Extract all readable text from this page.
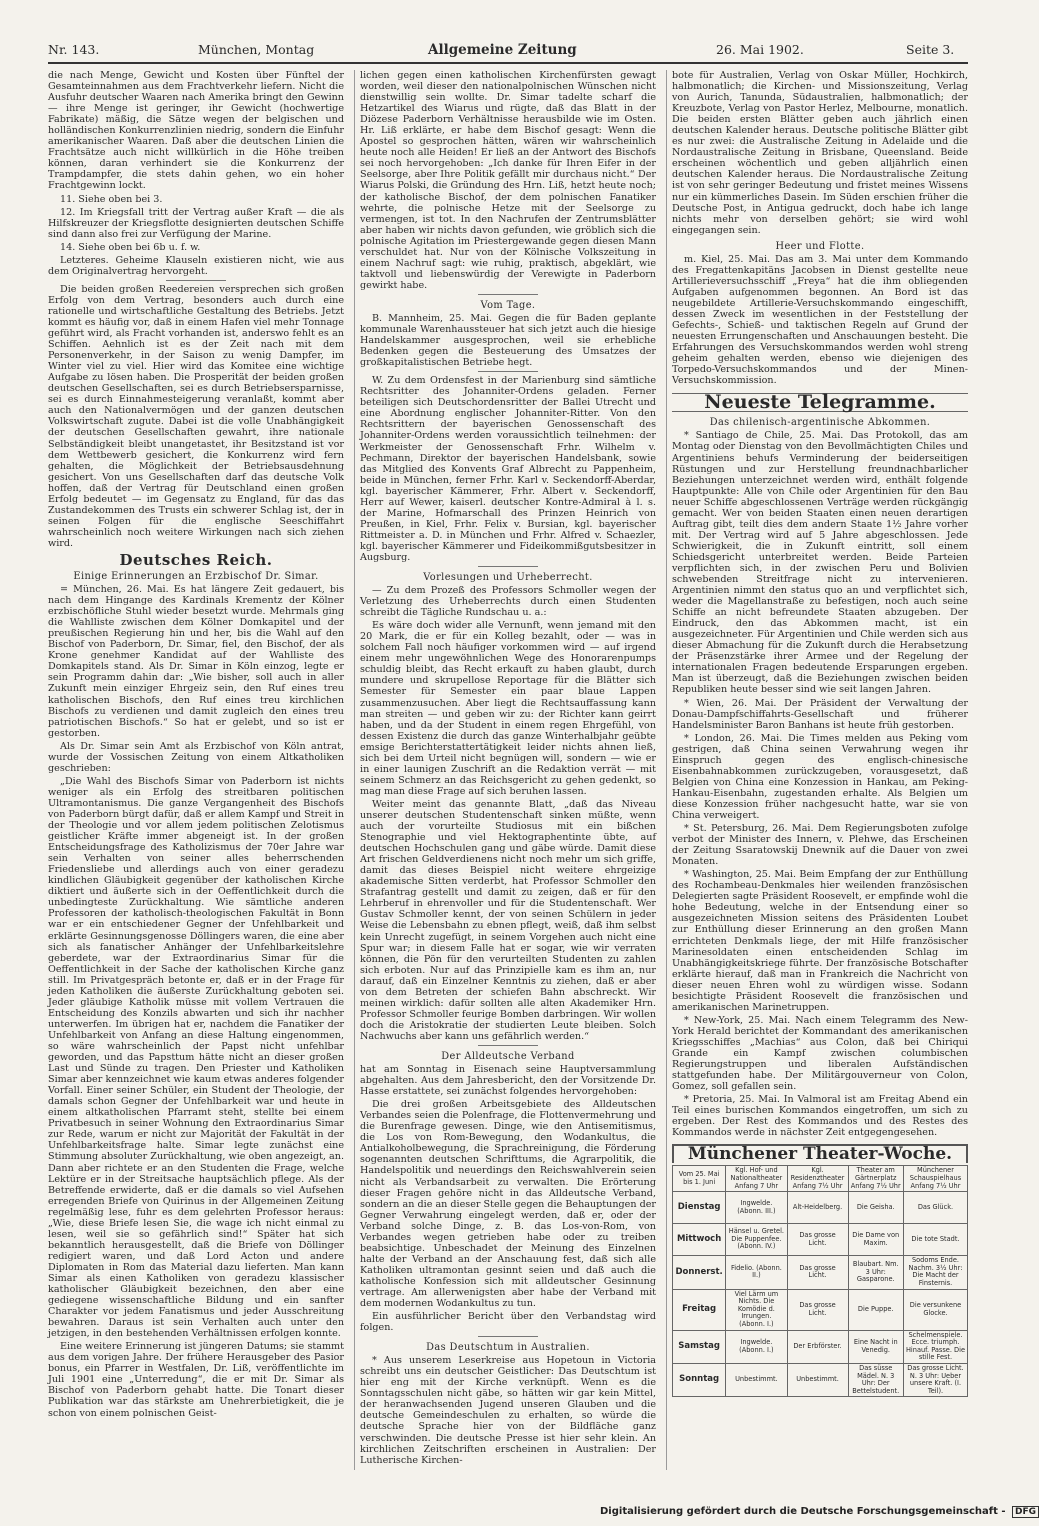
Nr. 143.	München, Montag	Allgemeine Zeitung	26. Mai 1902.	Seite 3.

die nach Menge, Gewicht und Kosten über Fünftel der Gesamteinnahmen aus dem Frachtverkehr liefern. Nicht die Ausfuhr deutscher Waaren nach Amerika bringt den Gewinn — ihre Menge ist geringer, ihr Gewicht (hochwertige Fabrikate) mäßig, die Sätze wegen der belgischen und holländischen Konkurrenzlinien niedrig, sondern die Einfuhr amerikanischer Waaren. Daß aber die deutschen Linien die Frachtsätze auch nicht willkürlich in die Höhe treiben können, daran verhindert sie die Konkurrenz der Trampdampfer, die stets dahin gehen, wo ein hoher Frachtgewinn lockt.

11. Siehe oben bei 3.

12. Im Kriegsfall tritt der Vertrag außer Kraft — die als Hilfskreuzer der Kriegsflotte designierten deutschen Schiffe sind dann also frei zur Verfügung der Marine.

14. Siehe oben bei 6b u. f. w.

Letzteres. Geheime Klauseln existieren nicht, wie aus dem Originalvertrag hervorgeht.

Die beiden großen Reedereien versprechen sich großen Erfolg von dem Vertrag, besonders auch durch eine rationelle und wirtschaftliche Gestaltung des Betriebs. Jetzt kommt es häufig vor, daß in einem Hafen viel mehr Tonnage geführt wird, als Fracht vorhanden ist, anderswo fehlt es an Schiffen. Aehnlich ist es der Zeit nach mit dem Personenverkehr, in der Saison zu wenig Dampfer, im Winter viel zu viel. Hier wird das Komitee eine wichtige Aufgabe zu lösen haben. Die Prosperität der beiden großen deutschen Gesellschaften, sei es durch Betriebsersparnisse, sei es durch Einnahmesteigerung veranlaßt, kommt aber auch den Nationalvermögen und der ganzen deutschen Volkswirtschaft zugute. Dabei ist die volle Unabhängigkeit der deutschen Gesellschaften gewahrt, ihre nationale Selbständigkeit bleibt unangetastet, ihr Besitzstand ist vor dem Wettbewerb gesichert, die Konkurrenz wird fern gehalten, die Möglichkeit der Betriebsausdehnung gesichert. Von uns Gesellschaften darf das deutsche Volk hoffen, daß der Vertrag für Deutschland einen großen Erfolg bedeutet — im Gegensatz zu England, für das das Zustandekommen des Trusts ein schwerer Schlag ist, der in seinen Folgen für die englische Seeschiffahrt wahrscheinlich noch weitere Wirkungen nach sich ziehen wird.

Deutsches Reich.
Einige Erinnerungen an Erzbischof Dr. Simar.

= München, 26. Mai. Es hat längere Zeit gedauert, bis nach dem Hingange des Kardinals Krementz der Kölner erzbischöfliche Stuhl wieder besetzt wurde. Mehrmals ging die Wahlliste zwischen dem Kölner Domkapitel und der preußischen Regierung hin und her, bis die Wahl auf den Bischof von Paderborn, Dr. Simar, fiel, den Bischof, der als Krone genehmer Kandidat auf der Wahlliste des Domkapitels stand. Als Dr. Simar in Köln einzog, legte er sein Programm dahin dar: „Wie bisher, soll auch in aller Zukunft mein einziger Ehrgeiz sein, den Ruf eines treu katholischen Bischofs, den Ruf eines treu kirchlichen Bischofs zu verdienen und damit zugleich den eines treu patriotischen Bischofs.“ So hat er gelebt, und so ist er gestorben.

Als Dr. Simar sein Amt als Erzbischof von Köln antrat, wurde der Vossischen Zeitung von einem Altkatholiken geschrieben:

„Die Wahl des Bischofs Simar von Paderborn ist nichts weniger als ein Erfolg des streitbaren politischen Ultramontanismus. Die ganze Vergangenheit des Bischofs von Paderborn bürgt dafür, daß er allem Kampf und Streit in der Theologie und vor allem jedem politischen Zelotismus geistlicher Kräfte immer abgeneigt ist. In der großen Entscheidungsfrage des Katholizismus der 70er Jahre war sein Verhalten von seiner alles beherrschenden Friedensliebe und allerdings auch von einer geradezu kindlichen Gläubigkeit gegenüber der katholischen Kirche diktiert und äußerte sich in der Oeffentlichkeit durch die unbedingteste Zurückhaltung. Wie sämtliche anderen Professoren der katholisch-theologischen Fakultät in Bonn war er ein entschiedener Gegner der Unfehlbarkeit und erklärte Gesinnungsgenosse Döllingers waren, die eine aber sich als fanatischer Anhänger der Unfehlbarkeitslehre geberdete, war der Extraordinarius Simar für die Oeffentlichkeit in der Sache der katholischen Kirche ganz still. Im Privatgespräch betonte er, daß er in der Frage für jeden Katholiken die äußerste Zurückhaltung geboten sei. Jeder gläubige Katholik müsse mit vollem Vertrauen die Entscheidung des Konzils abwarten und sich ihr nachher unterwerfen. Im übrigen hat er, nachdem die Fanatiker der Unfehlbarkeit von Anfang an diese Haltung eingenommen, so wäre wahrscheinlich der Papst nicht unfehlbar geworden, und das Papsttum hätte nicht an dieser großen Last und Sünde zu tragen. Den Priester und Katholiken Simar aber kennzeichnet wie kaum etwas anderes folgender Vorfall. Einer seiner Schüler, ein Student der Theologie, der damals schon Gegner der Unfehlbarkeit war und heute in einem altkatholischen Pfarramt steht, stellte bei einem Privatbesuch in seiner Wohnung den Extraordinarius Simar zur Rede, warum er nicht zur Majorität der Fakultät in der Unfehlbarkeitsfrage halte. Simar legte zunächst eine Stimmung absoluter Zurückhaltung, wie oben angezeigt, an. Dann aber richtete er an den Studenten die Frage, welche Lektüre er in der Streitsache hauptsächlich pflege. Als der Betreffende erwiderte, daß er die damals so viel Aufsehen erregenden Briefe von Quirinus in der Allgemeinen Zeitung regelmäßig lese, fuhr es dem gelehrten Professor heraus: „Wie, diese Briefe lesen Sie, die wage ich nicht einmal zu lesen, weil sie so gefährlich sind!“ Später hat sich bekanntlich herausgestellt, daß die Briefe von Döllinger redigiert waren, und daß Lord Acton und andere Diplomaten in Rom das Material dazu lieferten. Man kann Simar als einen Katholiken von geradezu klassischer katholischer Gläubigkeit bezeichnen, den aber eine gediegene wissenschaftliche Bildung und ein sanfter Charakter vor jedem Fanatismus und jeder Ausschreitung bewahren. Daraus ist sein Verhalten auch unter den jetzigen, in den bestehenden Verhältnissen erfolgen konnte.

Eine weitere Erinnerung ist jüngeren Datums; sie stammt aus dem vorigen Jahre. Der frühere Herausgeber des Pasior bonus, ein Pfarrer in Westfalen, Dr. Liß, veröffentlichte im Juli 1901 eine „Unterredung“, die er mit Dr. Simar als Bischof von Paderborn gehabt hatte. Die Tonart dieser Publikation war das stärkste am Unehrerbietigkeit, die je schon von einem polnischen Geist-

lichen gegen einen katholischen Kirchenfürsten gewagt worden, weil dieser den nationalpolnischen Wünschen nicht dienstwillig sein wollte. Dr. Simar tadelte scharf die Hetzartikel des Wiarus und rügte, daß das Blatt in der Diözese Paderborn Verhältnisse herausbilde wie im Osten. Hr. Liß erklärte, er habe dem Bischof gesagt: Wenn die Apostel so gesprochen hätten, wären wir wahrscheinlich heute noch alle Heiden! Er ließ an der Antwort des Bischofs sei noch hervorgehoben: „Ich danke für Ihren Eifer in der Seelsorge, aber Ihre Politik gefällt mir durchaus nicht.“ Der Wiarus Polski, die Gründung des Hrn. Liß, hetzt heute noch; der katholische Bischof, der dem polnischen Fanatiker wehrte, die polnische Hetze mit der Seelsorge zu vermengen, ist tot. In den Nachrufen der Zentrumsblätter aber haben wir nichts davon gefunden, wie gröblich sich die polnische Agitation im Priestergewande gegen diesen Mann verschuldet hat. Nur von der Kölnische Volkszeitung in einem Nachruf sagt: wie ruhig, praktisch, abgeklärt, wie taktvoll und liebenswürdig der Verewigte in Paderborn gewirkt habe.

Vom Tage.

B. Mannheim, 25. Mai. Gegen die für Baden geplante kommunale Warenhaussteuer hat sich jetzt auch die hiesige Handelskammer ausgesprochen, weil sie erhebliche Bedenken gegen die Besteuerung des Umsatzes der großkapitalistischen Betriebe hegt.

W. Zu dem Ordensfest in der Marienburg sind sämtliche Rechtsritter des Johanniter-Ordens geladen. Ferner beteiligen sich Deutschordensritter der Ballei Utrecht und eine Abordnung englischer Johanniter-Ritter. Von den Rechtsrittern der bayerischen Genossenschaft des Johanniter-Ordens werden voraussichtlich teilnehmen: der Werkmeister der Genossenschaft Frhr. Wilhelm v. Pechmann, Direktor der bayerischen Handelsbank, sowie das Mitglied des Konvents Graf Albrecht zu Pappenheim, beide in München, ferner Frhr. Karl v. Seckendorff-Aberdar, kgl. bayerischer Kämmerer, Frhr. Albert v. Seckendorff, Herr auf Wewer, kaiserl. deutscher Kontre-Admiral à l. s. der Marine, Hofmarschall des Prinzen Heinrich von Preußen, in Kiel, Frhr. Felix v. Bursian, kgl. bayerischer Rittmeister a. D. in München und Frhr. Alfred v. Schaezler, kgl. bayerischer Kämmerer und Fideikommißgutsbesitzer in Augsburg.

Vorlesungen und Urheberrecht.

— Zu dem Prozeß des Professors Schmoller wegen der Verletzung des Urheberrechts durch einen Studenten schreibt die Tägliche Rundschau u. a.:

Es wäre doch wider alle Vernunft, wenn jemand mit den 20 Mark, die er für ein Kolleg bezahlt, oder — was in solchem Fall noch häufiger vorkommen wird — auf irgend einem mehr ungewöhnlichen Wege des Honorarenpumps schuldig bleibt, das Recht erkauft zu haben glaubt, durch mundere und skrupellose Reportage für die Blätter sich Semester für Semester ein paar blaue Lappen zusammenzusuchen. Aber liegt die Rechtsauffassung kann man streiten — und geben wir zu: der Richter kann geirrt haben, und da der Student in einem regen Ehrgefühl, von dessen Existenz die durch das ganze Winterhalbjahr geübte emsige Berichterstattertätigkeit leider nichts ahnen ließ, sich bei dem Urteil nicht begnügen will, sondern — wie er in einer launigen Zuschrift an die Redaktion verrät — mit seinem Schmerz an das Reichsgericht zu gehen gedenkt, so mag man diese Frage auf sich beruhen lassen.

Weiter meint das genannte Blatt, „daß das Niveau unserer deutschen Studentenschaft sinken müßte, wenn auch der vorurteilte Studiosus mit ein bißchen Stenographie und viel Hektographentinte übte, auf deutschen Hochschulen gang und gäbe würde. Damit diese Art frischen Geldverdienens nicht noch mehr um sich griffe, damit das dieses Beispiel nicht weitere ehrgeizige akademische Sitten verderbt, hat Professor Schmoller den Strafantrag gestellt und damit zu zeigen, daß er für den Lehrberuf in ehrenvoller und für die Studentenschaft. Wer Gustav Schmoller kennt, der von seinen Schülern in jeder Weise die Lebensbahn zu ebnen pflegt, weiß, daß ihm selbst kein Unrecht zugefügt, in seinem Vorgehen auch nicht eine Spur war; in diesem Falle hat er sogar, wie wir verraten können, die Pön für den verurteilten Studenten zu zahlen sich erboten. Nur auf das Prinzipielle kam es ihm an, nur darauf, daß ein Einzelner Kenntnis zu ziehen, daß er aber von dem Betreten der schiefen Bahn abschreckt. Wir meinen wirklich: dafür sollten alle alten Akademiker Hrn. Professor Schmoller feurige Bomben darbringen. Wir wollen doch die Aristokratie der studierten Leute bleiben. Solch Nachwuchs aber kann uns gefährlich werden.“

Der Alldeutsche Verband

hat am Sonntag in Eisenach seine Hauptversammlung abgehalten. Aus dem Jahresbericht, den der Vorsitzende Dr. Hasse erstattete, sei zunächst folgendes hervorgehoben:

Die drei großen Arbeitsgebiete des Alldeutschen Verbandes seien die Polenfrage, die Flottenvermehrung und die Burenfrage gewesen. Dinge, wie den Antisemitismus, die Los von Rom-Bewegung, den Wodankultus, die Antialkoholbewegung, die Sprachreinigung, die Förderung sogenannten deutschen Schrifttums, die Agrarpolitik, die Handelspolitik und neuerdings den Reichswahlverein seien nicht als Verbandsarbeit zu verwalten. Die Erörterung dieser Fragen gehöre nicht in das Alldeutsche Verband, sondern an die an dieser Stelle gegen die Behauptungen der Gegner Verwahrung eingelegt werden, daß er, oder der Verband solche Dinge, z. B. das Los-von-Rom, von Verbandes wegen getrieben habe oder zu treiben beabsichtige. Unbeschadet der Meinung des Einzelnen halte der Verband an der Anschauung fest, daß sich alle Katholiken ultramontan gesinnt seien und daß auch die katholische Konfession sich mit alldeutscher Gesinnung vertrage. Am allerwenigsten aber habe der Verband mit dem modernen Wodankultus zu tun.

Ein ausführlicher Bericht über den Verbandstag wird folgen.

Das Deutschtum in Australien.

* Aus unserem Leserkreise aus Hopetoun in Victoria schreibt uns ein deutscher Geistlicher: Das Deutschtum ist hier eng mit der Kirche verknüpft. Wenn es die Sonntagsschulen nicht gäbe, so hätten wir gar kein Mittel, der heranwachsenden Jugend unseren Glauben und die deutsche Gemeindeschulen zu erhalten, so würde die deutsche Sprache hier von der Bildfläche ganz verschwinden. Die deutsche Presse ist hier sehr klein. An kirchlichen Zeitschriften erscheinen in Australien: Der Lutherische Kirchen-

bote für Australien, Verlag von Oskar Müller, Hochkirch, halbmonatlich; die Kirchen- und Missionszeitung, Verlag von Aurich, Tanunda, Südaustralien, halbmonatlich; der Kreuzbote, Verlag von Pastor Herlez, Melbourne, monatlich. Die beiden ersten Blätter geben auch jährlich einen deutschen Kalender heraus. Deutsche politische Blätter gibt es nur zwei: die Australische Zeitung in Adelaide und die Nordaustralische Zeitung in Brisbane, Queensland. Beide erscheinen wöchentlich und geben alljährlich einen deutschen Kalender heraus. Die Nordaustralische Zeitung ist von sehr geringer Bedeutung und fristet meines Wissens nur ein kümmerliches Dasein. Im Süden erschien früher die Deutsche Post, in Antigua gedruckt, doch habe ich lange nichts mehr von derselben gehört; sie wird wohl eingegangen sein.

Heer und Flotte.

m. Kiel, 25. Mai. Das am 3. Mai unter dem Kommando des Fregattenkapitäns Jacobsen in Dienst gestellte neue Artillerieversuchsschiff „Freya“ hat die ihm obliegenden Aufgaben aufgenommen begonnen. An Bord ist das neugebildete Artillerie-Versuchskommando eingeschifft, dessen Zweck im wesentlichen in der Feststellung der Gefechts-, Schieß- und taktischen Regeln auf Grund der neuesten Errungenschaften und Anschauungen besteht. Die Erfahrungen des Versuchskommandos werden wohl streng geheim gehalten werden, ebenso wie diejenigen des Torpedo-Versuchskommandos und der Minen-Versuchskommission.

Neueste Telegramme.
Das chilenisch-argentinische Abkommen.

* Santiago de Chile, 25. Mai. Das Protokoll, das am Montag oder Dienstag von den Bevollmächtigten Chiles und Argentiniens behufs Verminderung der beiderseitigen Rüstungen und zur Herstellung freundnachbarlicher Beziehungen unterzeichnet werden wird, enthält folgende Hauptpunkte: Alle von Chile oder Argentinien für den Bau neuer Schiffe abgeschlossenen Verträge werden rückgängig gemacht. Wer von beiden Staaten einen neuen derartigen Auftrag gibt, teilt dies dem andern Staate 1½ Jahre vorher mit. Der Vertrag wird auf 5 Jahre abgeschlossen. Jede Schwierigkeit, die in Zukunft eintritt, soll einem Schiedsgericht unterbreitet werden. Beide Parteien verpflichten sich, in der zwischen Peru und Bolivien schwebenden Streitfrage nicht zu intervenieren. Argentinien nimmt den status quo an und verpflichtet sich, weder die Magellanstraße zu befestigen, noch auch seine Schiffe an nicht befreundete Staaten abzugeben. Der Eindruck, den das Abkommen macht, ist ein ausgezeichneter. Für Argentinien und Chile werden sich aus dieser Abmachung für die Zukunft durch die Herabsetzung der Präsenzstärke ihrer Armee und der Regelung der internationalen Fragen bedeutende Ersparungen ergeben. Man ist überzeugt, daß die Beziehungen zwischen beiden Republiken heute besser sind wie seit langen Jahren.

* Wien, 26. Mai. Der Präsident der Verwaltung der Donau-Dampfschiffahrts-Gesellschaft und früherer Handelsminister Baron Banhans ist heute früh gestorben.

* London, 26. Mai. Die Times melden aus Peking vom gestrigen, daß China seinen Verwahrung wegen ihr Einspruch gegen des englisch-chinesische Eisenbahnabkommen zurückzugeben, vorausgesetzt, daß Belgien von China eine Konzession in Hankau, am Peking-Hankau-Eisenbahn, zugestanden erhalte. Als Belgien um diese Konzession früher nachgesucht hatte, war sie von China verweigert.

* St. Petersburg, 26. Mai. Dem Regierungsboten zufolge verbot der Minister des Innern, v. Plehwe, das Erscheinen der Zeitung Ssaratowskij Dnewnik auf die Dauer von zwei Monaten.

* Washington, 25. Mai. Beim Empfang der zur Enthüllung des Rochambeau-Denkmales hier weilenden französischen Delegierten sagte Präsident Roosevelt, er empfinde wohl die hohe Bedeutung, welche in der Entsendung einer so ausgezeichneten Mission seitens des Präsidenten Loubet zur Enthüllung dieser Erinnerung an den großen Mann errichteten Denkmals liege, der mit Hilfe französischer Marinesoldaten einen entscheidenden Schlag im Unabhängigkeitskriege führte. Der französische Botschafter erklärte hierauf, daß man in Frankreich die Nachricht von dieser neuen Ehren wohl zu würdigen wisse. Sodann besichtigte Präsident Roosevelt die französischen und amerikanischen Marinetruppen.

* New-York, 25. Mai. Nach einem Telegramm des New-York Herald berichtet der Kommandant des amerikanischen Kriegsschiffes „Machias“ aus Colon, daß bei Chiriqui Grande ein Kampf zwischen columbischen Regierungstruppen und liberalen Aufständischen stattgefunden habe. Der Militärgouverneur von Colon, Gomez, soll gefallen sein.

* Pretoria, 25. Mai. In Valmoral ist am Freitag Abend ein Teil eines burischen Kommandos eingetroffen, um sich zu ergeben. Der Rest des Kommandos und des Restes des Kommandos werde in nächster Zeit entgegengesehen.

Münchener Theater-Woche.
Vom 25. Mai bis 1. Juni	Kgl. Hof- und Nationaltheater Anfang 7 Uhr	Kgl. Residenztheater Anfang 7½ Uhr	Theater am Gärtnerplatz Anfang 7½ Uhr	Münchener Schauspielhaus Anfang 7½ Uhr
Dienstag	Ingwelde. (Abonn. III.)	Alt-Heidelberg.	Die Geisha.	Das Glück.
Mittwoch	Hänsel u. Gretel. Die Puppenfee. (Abonn. IV.)	Das grosse Licht.	Die Dame von Maxim.	Die tote Stadt.
Donnerst.	Fidelio. (Abonn. II.)	Das grosse Licht.	Blaubart. Nm. 3 Uhr: Gasparone.	Sodoms Ende. Nachm. 3½ Uhr: Die Macht der Finsternis.
Freitag	Viel Lärm um Nichts. Die Komödie d. Irrungen. (Abonn. I.)	Das grosse Licht.	Die Puppe.	Die versunkene Glocke.
Samstag	Ingwelde. (Abonn. I.)	Der Erbförster.	Eine Nacht in Venedig.	Schelmenspiele. Ecce. triumph. Hinauf. Passe. Die stille Fest.
Sonntag	Unbestimmt.	Unbestimmt.	Das süsse Mädel. N. 3 Uhr: Der Bettelstudent.	Das grosse Licht. N. 3 Uhr: Ueber unsere Kraft. (I. Teil).
Digitalisierung gefördert durch die Deutsche Forschungsgemeinschaft - DFG
